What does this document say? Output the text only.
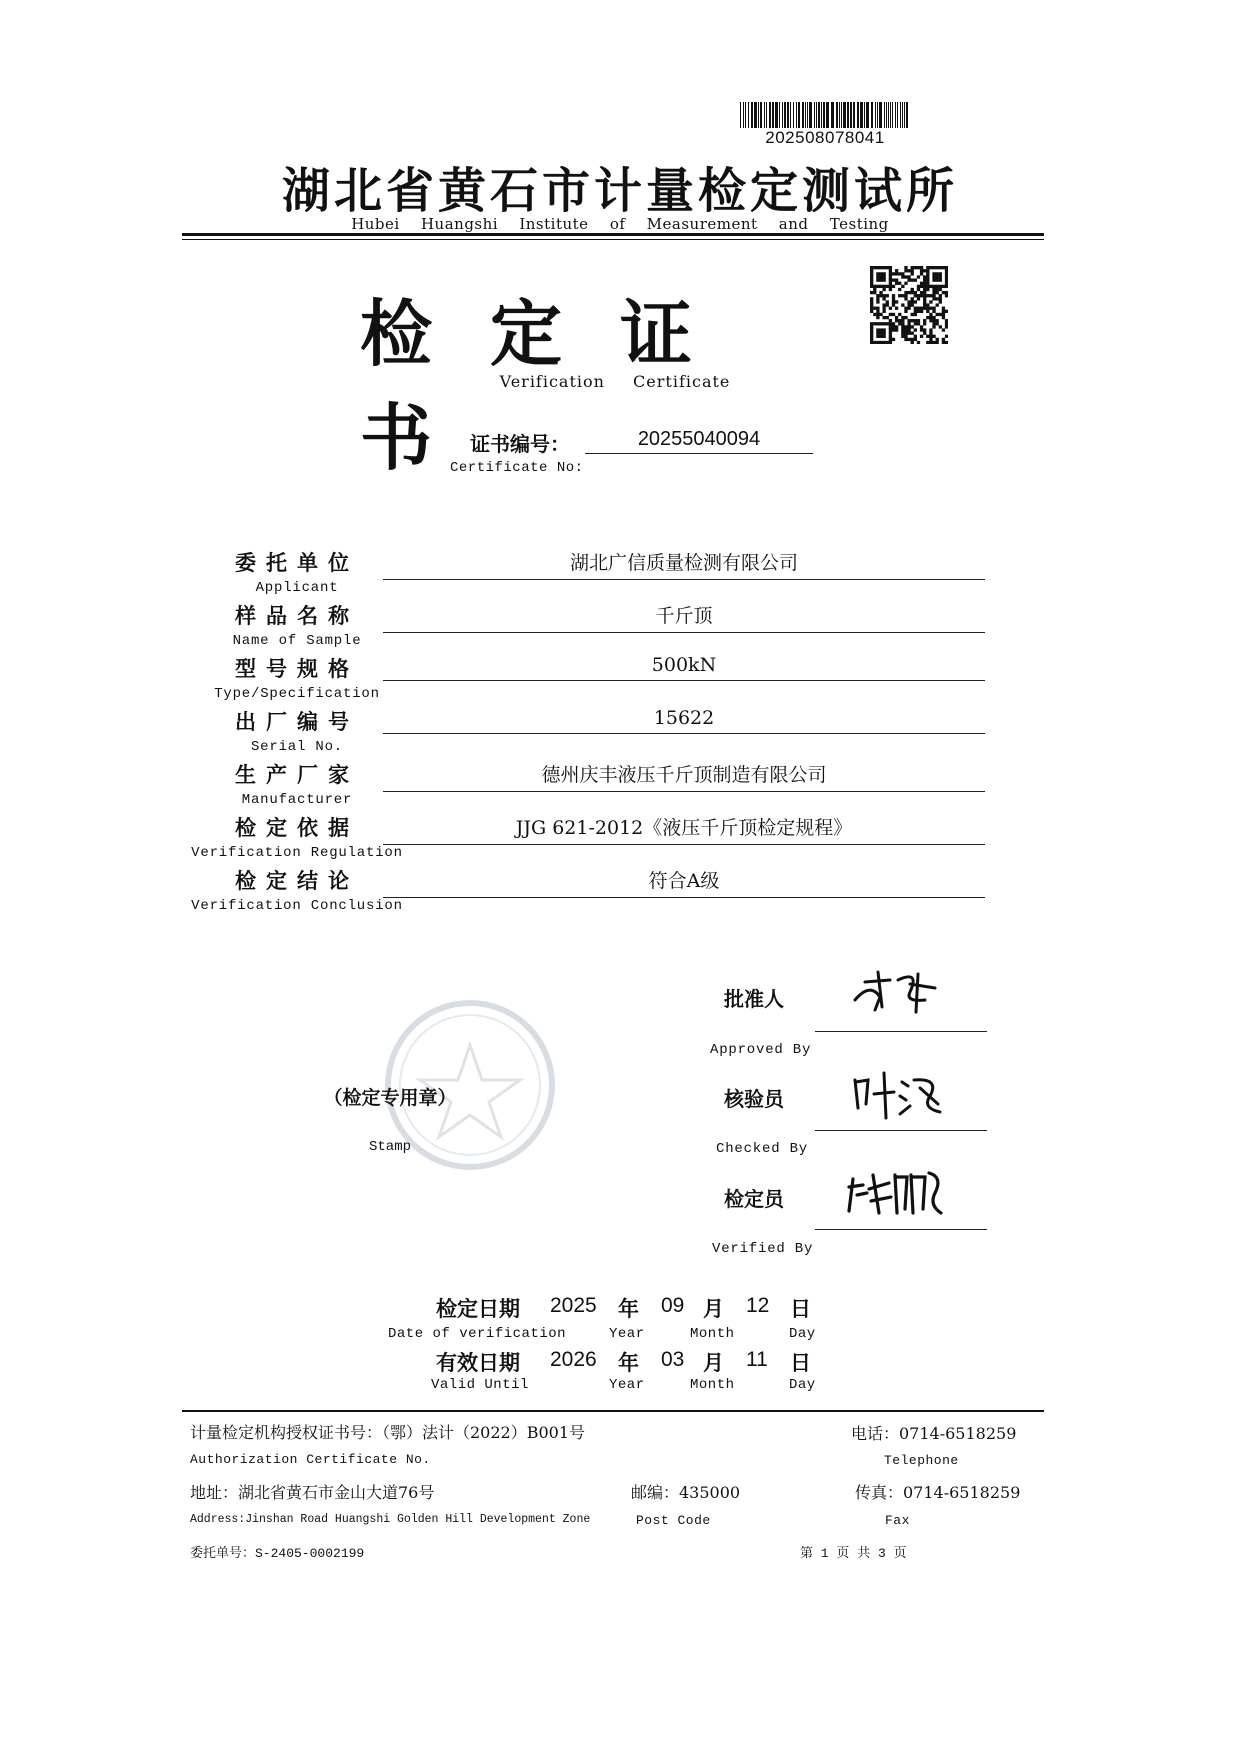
202508078041
湖北省黄石市计量检定测试所
Hubei Huangshi Institute of Measurement and Testing
检定证书
Verification Certificate
证书编号：	20255040094
Certificate No:
委托单位	湖北广信质量检测有限公司
Applicant
样品名称	千斤顶
Name of Sample
型号规格	500kN
Type/Specification
出厂编号	15622
Serial No.
生产厂家	德州庆丰液压千斤顶制造有限公司
Manufacturer
检定依据	JJG 621-2012《液压千斤顶检定规程》
Verification Regulation
检定结论	符合A级
Verification Conclusion
（检定专用章）
Stamp
批准人
Approved By
核验员
Checked By
检定员
Verified By
检定日期 2025 年 09 月 12 日
Date of verification	Year	Month	Day
有效日期 2026 年 03 月 11 日
Valid Until	Year	Month	Day
计量检定机构授权证书号：（鄂）法计（2022）B001号	电话：0714-6518259
Authorization Certificate No.	Telephone
地址：湖北省黄石市金山大道76号	邮编：435000	传真：0714-6518259
Address:Jinshan Road Huangshi Golden Hill Development Zone	Post Code	Fax
委托单号：S-2405-0002199	第 1 页 共 3 页
